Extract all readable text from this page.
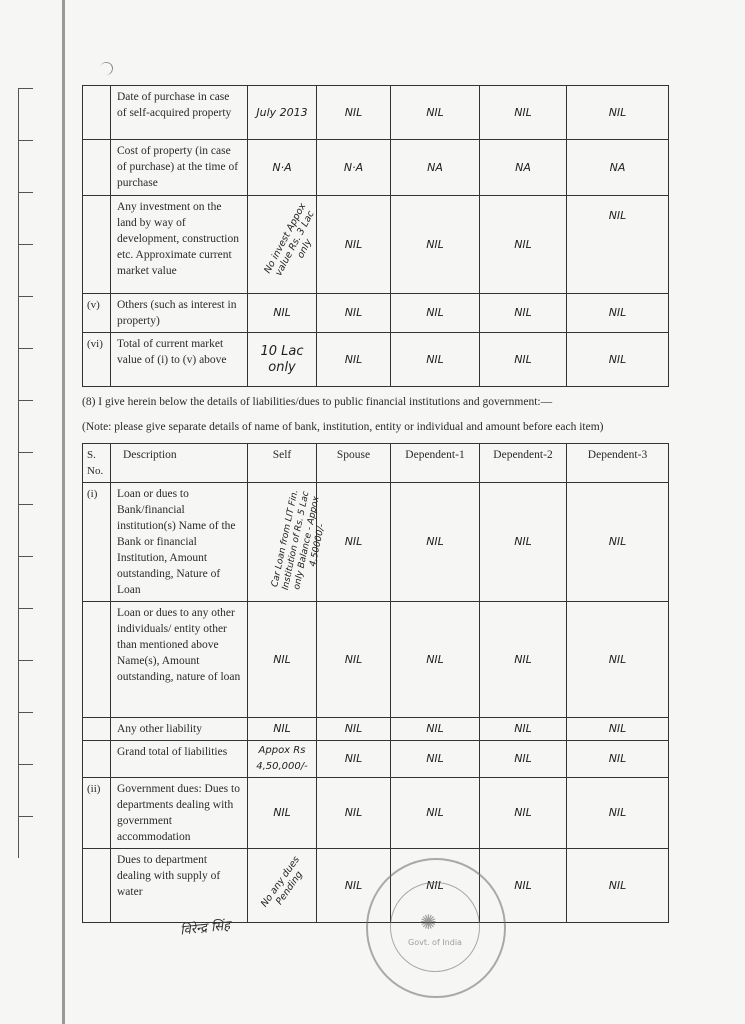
	Date of purchase in case of self-acquired property	July 2013	NIL	NIL	NIL	NIL
	Cost of property (in case of purchase) at the time of purchase	N·A	N·A	NA	NA	NA
	Any investment on the land by way of development, construction etc. Approximate current market value	No invest Appox value Rs. 3 Lac only	NIL	NIL	NIL	NIL
(v)	Others (such as interest in property)	NIL	NIL	NIL	NIL	NIL
(vi)	Total of current market value of (i) to (v) above	10 Lac only	NIL	NIL	NIL	NIL
(8) I give herein below the details of liabilities/dues to public financial institutions and government:—
(Note: please give separate details of name of bank, institution, entity or individual and amount before each item)
S. No.	Description	Self	Spouse	Dependent-1	Dependent-2	Dependent-3
(i)	Loan or dues to Bank/financial institution(s) Name of the Bank or financial Institution, Amount outstanding, Nature of Loan	Car Loan from LIT Fin. Institution of Rs. 5 Lac only Balance - Appox 4,50000/-	NIL	NIL	NIL	NIL
	Loan or dues to any other individuals/ entity other than mentioned above Name(s), Amount outstanding, nature of loan	NIL	NIL	NIL	NIL	NIL
	Any other liability	NIL	NIL	NIL	NIL	NIL
	Grand total of liabilities	Appox Rs 4,50,000/-	NIL	NIL	NIL	NIL
(ii)	Government dues: Dues to departments dealing with government accommodation	NIL	NIL	NIL	NIL	NIL
	Dues to department dealing with supply of water	No any dues Pending	NIL	NIL	NIL	NIL
विरेन्द्र सिंह	✺
Govt. of India
